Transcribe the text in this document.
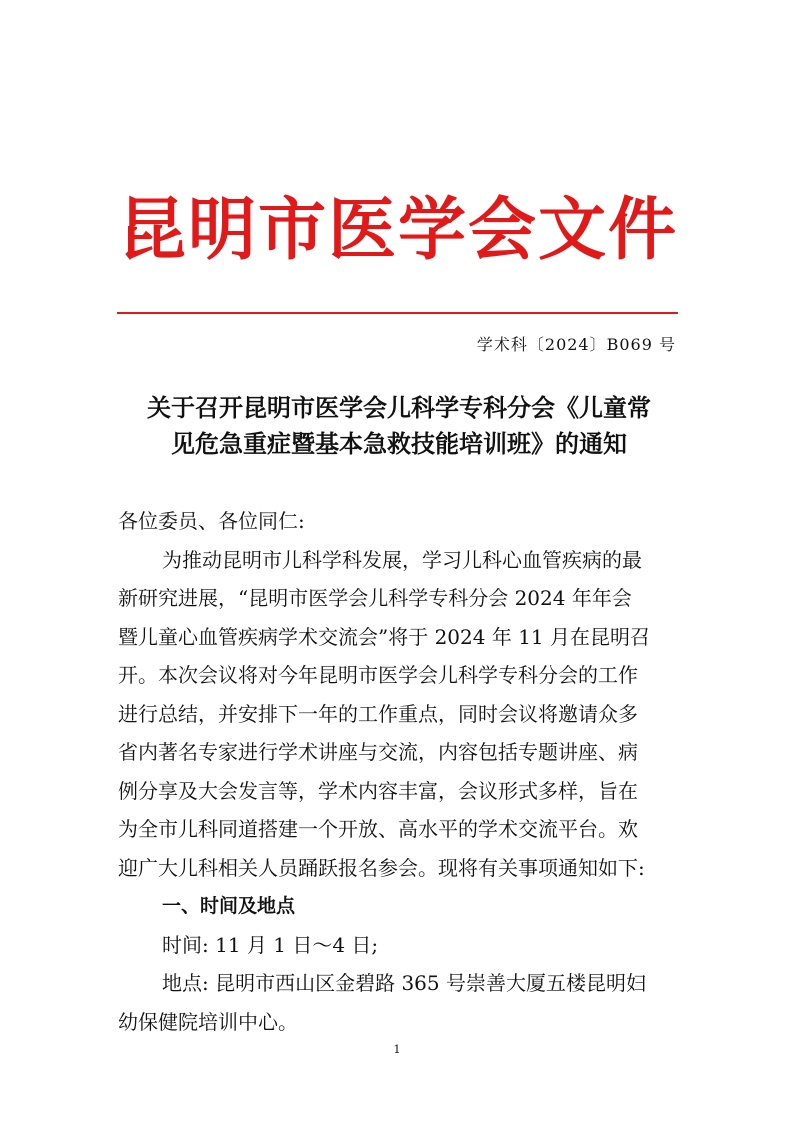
昆明市医学会文件
学术科〔2024〕B069 号
关于召开昆明市医学会儿科学专科分会《儿童常
见危急重症暨基本急救技能培训班》的通知
各位委员、各位同仁:
为推动昆明市儿科学科发展，学习儿科心血管疾病的最
新研究进展，“昆明市医学会儿科学专科分会 2024 年年会
暨儿童心血管疾病学术交流会”将于 2024 年 11 月在昆明召
开。本次会议将对今年昆明市医学会儿科学专科分会的工作
进行总结，并安排下一年的工作重点，同时会议将邀请众多
省内著名专家进行学术讲座与交流，内容包括专题讲座、病
例分享及大会发言等，学术内容丰富，会议形式多样，旨在
为全市儿科同道搭建一个开放、高水平的学术交流平台。欢
迎广大儿科相关人员踊跃报名参会。现将有关事项通知如下:
一、时间及地点
时间: 11 月 1 日～4 日;
地点: 昆明市西山区金碧路 365 号崇善大厦五楼昆明妇
幼保健院培训中心。
1
